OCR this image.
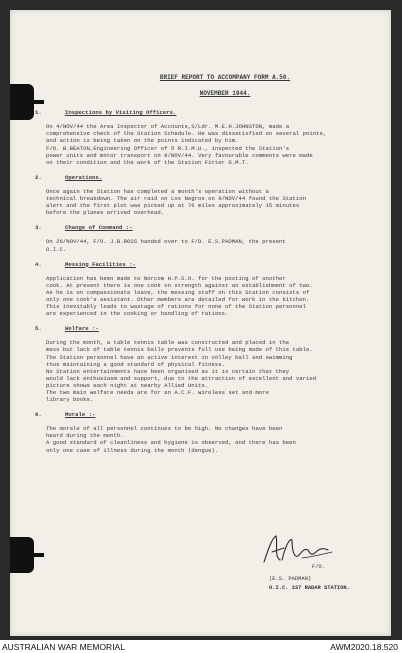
BRIEF REPORT TO ACCOMPANY FORM A.50.
NOVEMBER 1944.
1.	Inspections by Visiting Officers.
On 4/NOV/44 the Area Inspector of Accounts,S/Ldr. M.E.H.JOHNSTON, made a
comprehensive check of the Station Schedule. He was dissatisfied on several points,
and action is being taken on the points indicated by him.
F/O. B.BEATON,Engineering Officer of 5 R.I.M.U., inspected the Station's
power units and motor transport on 9/NOV/44. Very favourable comments were made
on their condition and the work of the Station Fitter D.M.T.
2.	Operations.
Once again the Station has completed a month's operation without a
technical breakdown. The air raid on Los Negros on 9/NOV/44 found the Station
alert and the first plot was picked up at 76 miles approximately 15 minutes
before the planes arrived overhead.
3.	Change of Command :-
On 26/NOV/44, F/O. J.B.ROSS handed over to F/O. E.S.PADMAN, the present
O.I.C.
4.	Messing Facilities :-
Application has been made to Norcom H.P.S.O. for the posting of another
cook. At present there is one cook on strength against an establishment of two.
As he is on compassionate leave, the messing staff on this Station consists of
only one cook's assistant. Other members are detailed for work in the kitchen.
This inevitably leads to wastage of rations for none of the Station personnel
are experienced in the cooking or handling of rations.
5.	Welfare :-
During the month, a table tennis table was constructed and placed in the
mess but lack of table tennis balls prevents full use being made of this table.
The Station personnel have an active interest in volley ball and swimming
thus maintaining a good standard of physical fitness.
No Station entertainments have been organised as it is certain that they
would lack enthusiasm and support, due to the attraction of excellent and varied
picture shows each night at nearby Allied Units.
The two main welfare needs are for an A.C.F. wireless set and more
library books.
6.	Morale :-
The morale of all personnel continues to be high. No changes have been
heard during the month.
A good standard of cleanliness and hygiene is observed, and there has been
only one case of illness during the month (dengue).
F/O.
(E.S. PADMAN)
O.I.C. 337 RADAR STATION.
AUSTRALIAN WAR MEMORIAL	AWM2020.18.520
